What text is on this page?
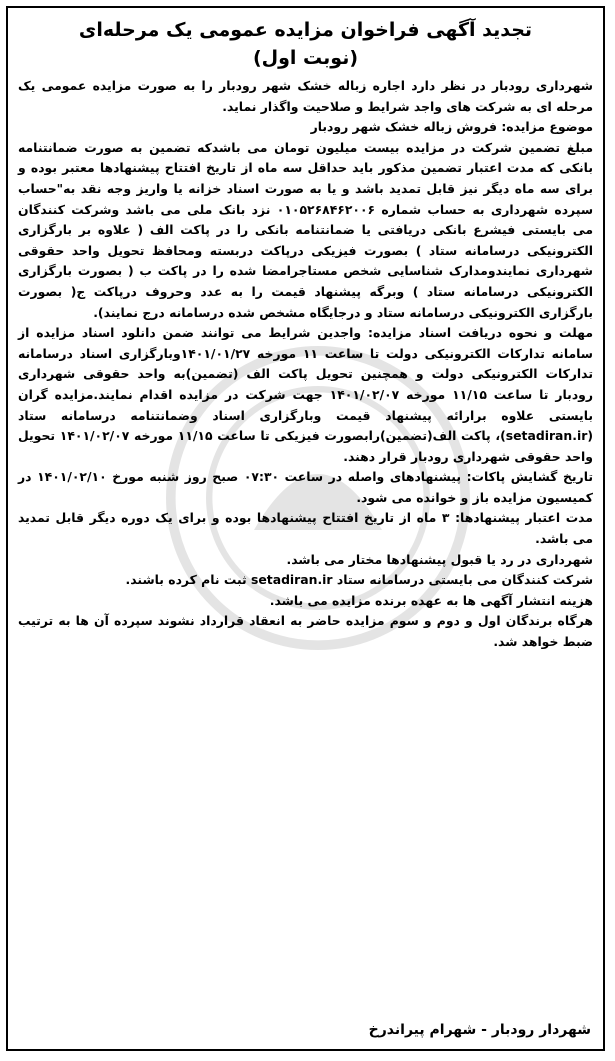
تجدید آگهی فراخوان مزایده عمومی یک مرحله‌ای
(نوبت اول)

شهرداری رودبار در نظر دارد اجاره زباله خشک شهر رودبار را به صورت مزایده عمومی یک مرحله ای به شرکت های واجد شرایط و صلاحیت واگذار نماید.

موضوع مزایده: فروش زباله خشک شهر رودبار

مبلغ تضمین شرکت در مزایده بیست میلیون تومان می باشدکه تضمین به صورت ضمانتنامه بانکی که مدت اعتبار تضمین مذکور باید حداقل سه ماه از تاریخ افتتاح پیشنهادها معتبر بوده و برای سه ماه دیگر نیز قابل تمدید باشد و یا به صورت اسناد خزانه یا واریز وجه نقد به"حساب سپرده شهرداری به حساب شماره ۰۱۰۵۲۶۸۴۶۲۰۰۶ نزد بانک ملی می باشد وشرکت کنندگان می بایستی فیشرع بانکی دریافتی یا ضمانتنامه بانکی را در پاکت الف ( علاوه بر بارگزاری الکترونیکی درسامانه ستاد ) بصورت فیزیکی درپاکت دربسته ومحافظ تحویل واحد حقوقی شهرداری نمایندومدارک شناسایی شخص مستاجرامضا شده را در پاکت ب ( بصورت بارگزاری الکترونیکی درسامانه ستاد ) وبرگه پیشنهاد قیمت را به عدد وحروف درپاکت ج( بصورت بارگزاری الکترونیکی درسامانه ستاد و درجایگاه مشخص شده درسامانه درج نمایند).

مهلت و نحوه دریافت اسناد مزایده: واجدین شرایط می توانند ضمن دانلود اسناد مزایده از سامانه تدارکات الکترونیکی دولت تا ساعت ۱۱ مورخه ۱۴۰۱/۰۱/۲۷وبارگزاری اسناد درسامانه تدارکات الکترونیکی دولت و همچنین تحویل پاکت الف (تضمین)به واحد حقوقی شهرداری رودبار تا ساعت ۱۱/۱۵ مورخه ۱۴۰۱/۰۲/۰۷ جهت شرکت در مزایده اقدام نمایند.مزایده گران بایستی علاوه برارائه پیشنهاد قیمت وبارگزاری اسناد وضمانتنامه درسامانه ستاد (setadiran.ir)، پاکت الف(تضمین)رابصورت فیزیکی تا ساعت ۱۱/۱۵ مورخه ۱۴۰۱/۰۲/۰۷ تحویل واحد حقوقی شهرداری رودبار قرار دهند.

تاریخ گشایش پاکات: پیشنهادهای واصله در ساعت ۰۷:۳۰ صبح روز شنبه مورخ ۱۴۰۱/۰۲/۱۰ در کمیسیون مزایده باز و خوانده می شود.

مدت اعتبار پیشنهادها: ۳ ماه از تاریخ افتتاح پیشنهادها بوده و برای یک دوره دیگر قابل تمدید می باشد.

شهرداری در رد یا قبول پیشنهادها مختار می باشد.

شرکت کنندگان می بایستی درسامانه ستاد setadiran.ir ثبت نام کرده باشند.

هزینه انتشار آگهی ها به عهده برنده مزایده می باشد.

هرگاه برندگان اول و دوم و سوم مزایده حاضر به انعقاد قرارداد نشوند سپرده آن ها به ترتیب ضبط خواهد شد.

شهردار رودبار - شهرام پیراندرخ
